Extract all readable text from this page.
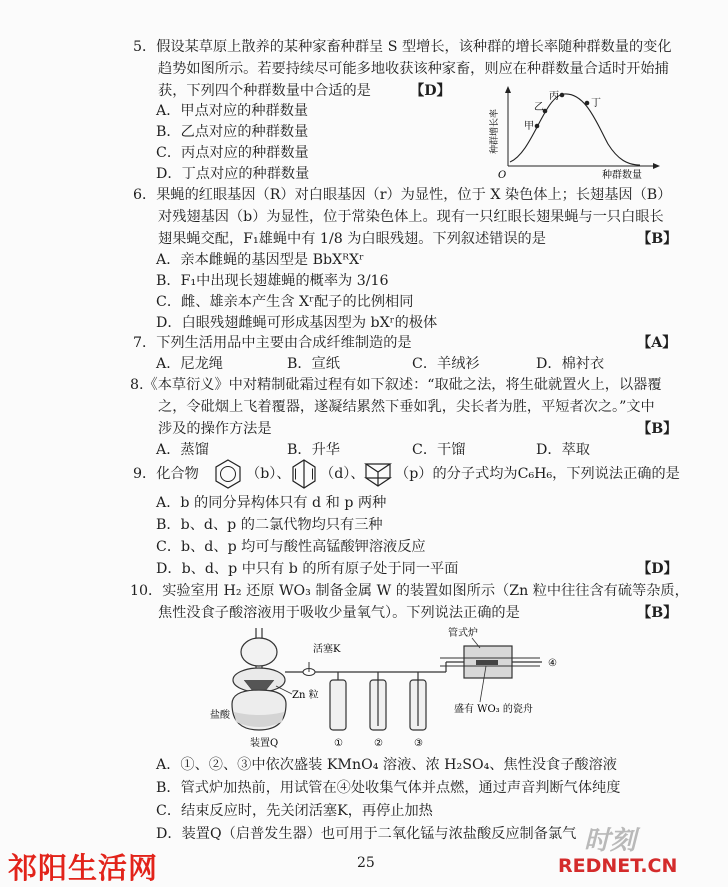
5．假设某草原上散养的某种家畜种群呈 S 型增长，该种群的增长率随种群数量的变化
趋势如图所示。若要持续尽可能多地收获该种家畜，则应在种群数量合适时开始捕
获，下列四个种群数量中合适的是	【D】
A．甲点对应的种群数量
B．乙点对应的种群数量
C．丙点对应的种群数量
D．丁点对应的种群数量
甲
乙
丙
丁
O	种群数量
种群增长率
6．果蝇的红眼基因（R）对白眼基因（r）为显性，位于 X 染色体上；长翅基因（B）
对残翅基因（b）为显性，位于常染色体上。现有一只红眼长翅果蝇与一只白眼长
翅果蝇交配，F₁雄蝇中有 1/8 为白眼残翅。下列叙述错误的是	【B】
A．亲本雌蝇的基因型是 BbXᴿXʳ
B．F₁中出现长翅雄蝇的概率为 3/16
C．雌、雄亲本产生含 Xʳ配子的比例相同
D．白眼残翅雌蝇可形成基因型为 bXʳ的极体
7．下列生活用品中主要由合成纤维制造的是	【A】
A．尼龙绳	B．宣纸	C．羊绒衫	D．棉衬衣
8.《本草衍义》中对精制砒霜过程有如下叙述：“取砒之法，将生砒就置火上，以器覆
之，令砒烟上飞着覆器，遂凝结累然下垂如乳，尖长者为胜，平短者次之。”文中
涉及的操作方法是	【B】
A．蒸馏	B．升华	C．干馏	D．萃取
9．化合物	（b）、 （d）、 （p）的分子式均为C₆H₆，下列说法正确的是
A．b 的同分异构体只有 d 和 p 两种
B．b、d、p 的二氯代物均只有三种
C．b、d、p 均可与酸性高锰酸钾溶液反应
D．b、d、p 中只有 b 的所有原子处于同一平面	【D】
10．实验室用 H₂ 还原 WO₃ 制备金属 W 的装置如图所示（Zn 粒中往往含有硫等杂质，
焦性没食子酸溶液用于吸收少量氧气）。下列说法正确的是	【B】
活塞K
Zn 粒
盐酸
装置Q	①	②	③
管式炉
盛有 WO₃ 的瓷舟
④
A．①、②、③中依次盛装 KMnO₄ 溶液、浓 H₂SO₄、焦性没食子酸溶液
B．管式炉加热前，用试管在④处收集气体并点燃，通过声音判断气体纯度
C．结束反应时，先关闭活塞K，再停止加热
D．装置Q（启普发生器）也可用于二氧化锰与浓盐酸反应制备氯气
25
时刻
REDNET.CN
祁阳生活网
